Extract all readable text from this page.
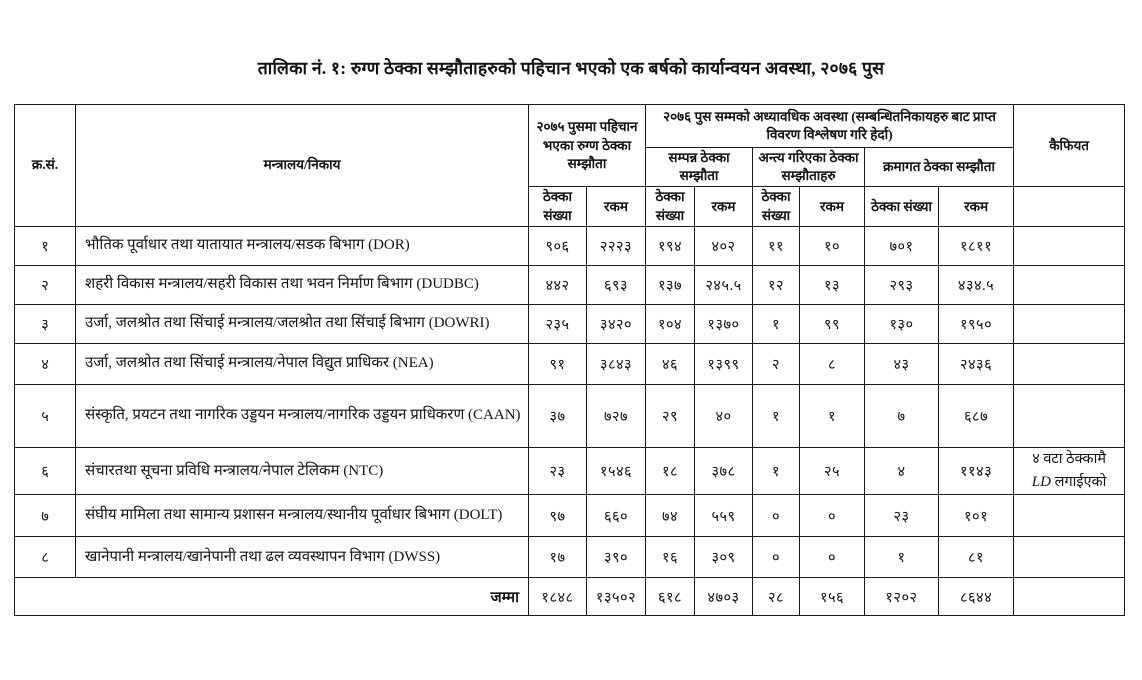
तालिका नं. १: रुग्ण ठेक्का सम्झौताहरुको पहिचान भएको एक बर्षको कार्यान्वयन अवस्था, २०७६ पुस
क्र.सं.	मन्त्रालय/निकाय	२०७५ पुसमा पहिचान भएका रुग्ण ठेक्का सम्झौता		२०७६ पुस सम्मको अध्यावधिक अवस्था (सम्बन्धितनिकायहरु बाट प्राप्त विवरण विश्लेषण गरि हेर्दा)						कैफियत
				सम्पन्न ठेक्का सम्झौता		अन्त्य गरिएका ठेक्का सम्झौताहरु		क्रमागत ठेक्का सम्झौता		
		ठेक्का संख्या	रकम	ठेक्का संख्या	रकम	ठेक्का संख्या	रकम	ठेक्का संख्या	रकम	
१	भौतिक पूर्वाधार तथा यातायात मन्त्रालय/सडक बिभाग (DOR)	९०६	२२२३	१९४	४०२	११	१०	७०१	१८११	
२	शहरी विकास मन्त्रालय/सहरी विकास तथा भवन निर्माण बिभाग (DUDBC)	४४२	६९३	१३७	२४५.५	१२	१३	२९३	४३४.५	
३	उर्जा, जलश्रोत तथा सिंचाई मन्त्रालय/जलश्रोत तथा सिंचाई बिभाग (DOWRI)	२३५	३४२०	१०४	१३७०	१	९९	१३०	१९५०	
४	उर्जा, जलश्रोत तथा सिंचाई मन्त्रालय/नेपाल विद्युत प्राधिकर (NEA)	९१	३८४३	४६	१३९९	२	८	४३	२४३६	
५	संस्कृति, प्रयटन तथा नागरिक उड्डयन मन्त्रालय/नागरिक उड्डयन प्राधिकरण (CAAN)	३७	७२७	२९	४०	१	१	७	६८७	
६	संचारतथा सूचना प्रविधि मन्त्रालय/नेपाल टेलिकम (NTC)	२३	१५४६	१८	३७८	१	२५	४	११४३	४ वटा ठेक्कामै
LD लगाईएको

७	संघीय मामिला तथा सामान्य प्रशासन मन्त्रालय/स्थानीय पूर्वाधार बिभाग (DOLT)	९७	६६०	७४	५५९	०	०	२३	१०१	
८	खानेपानी मन्त्रालय/खानेपानी तथा ढल व्यवस्थापन विभाग (DWSS)	१७	३९०	१६	३०९	०	०	१	८१	
जम्मा		१८४८	१३५०२	६१८	४७०३	२८	१५६	१२०२	८६४४	
